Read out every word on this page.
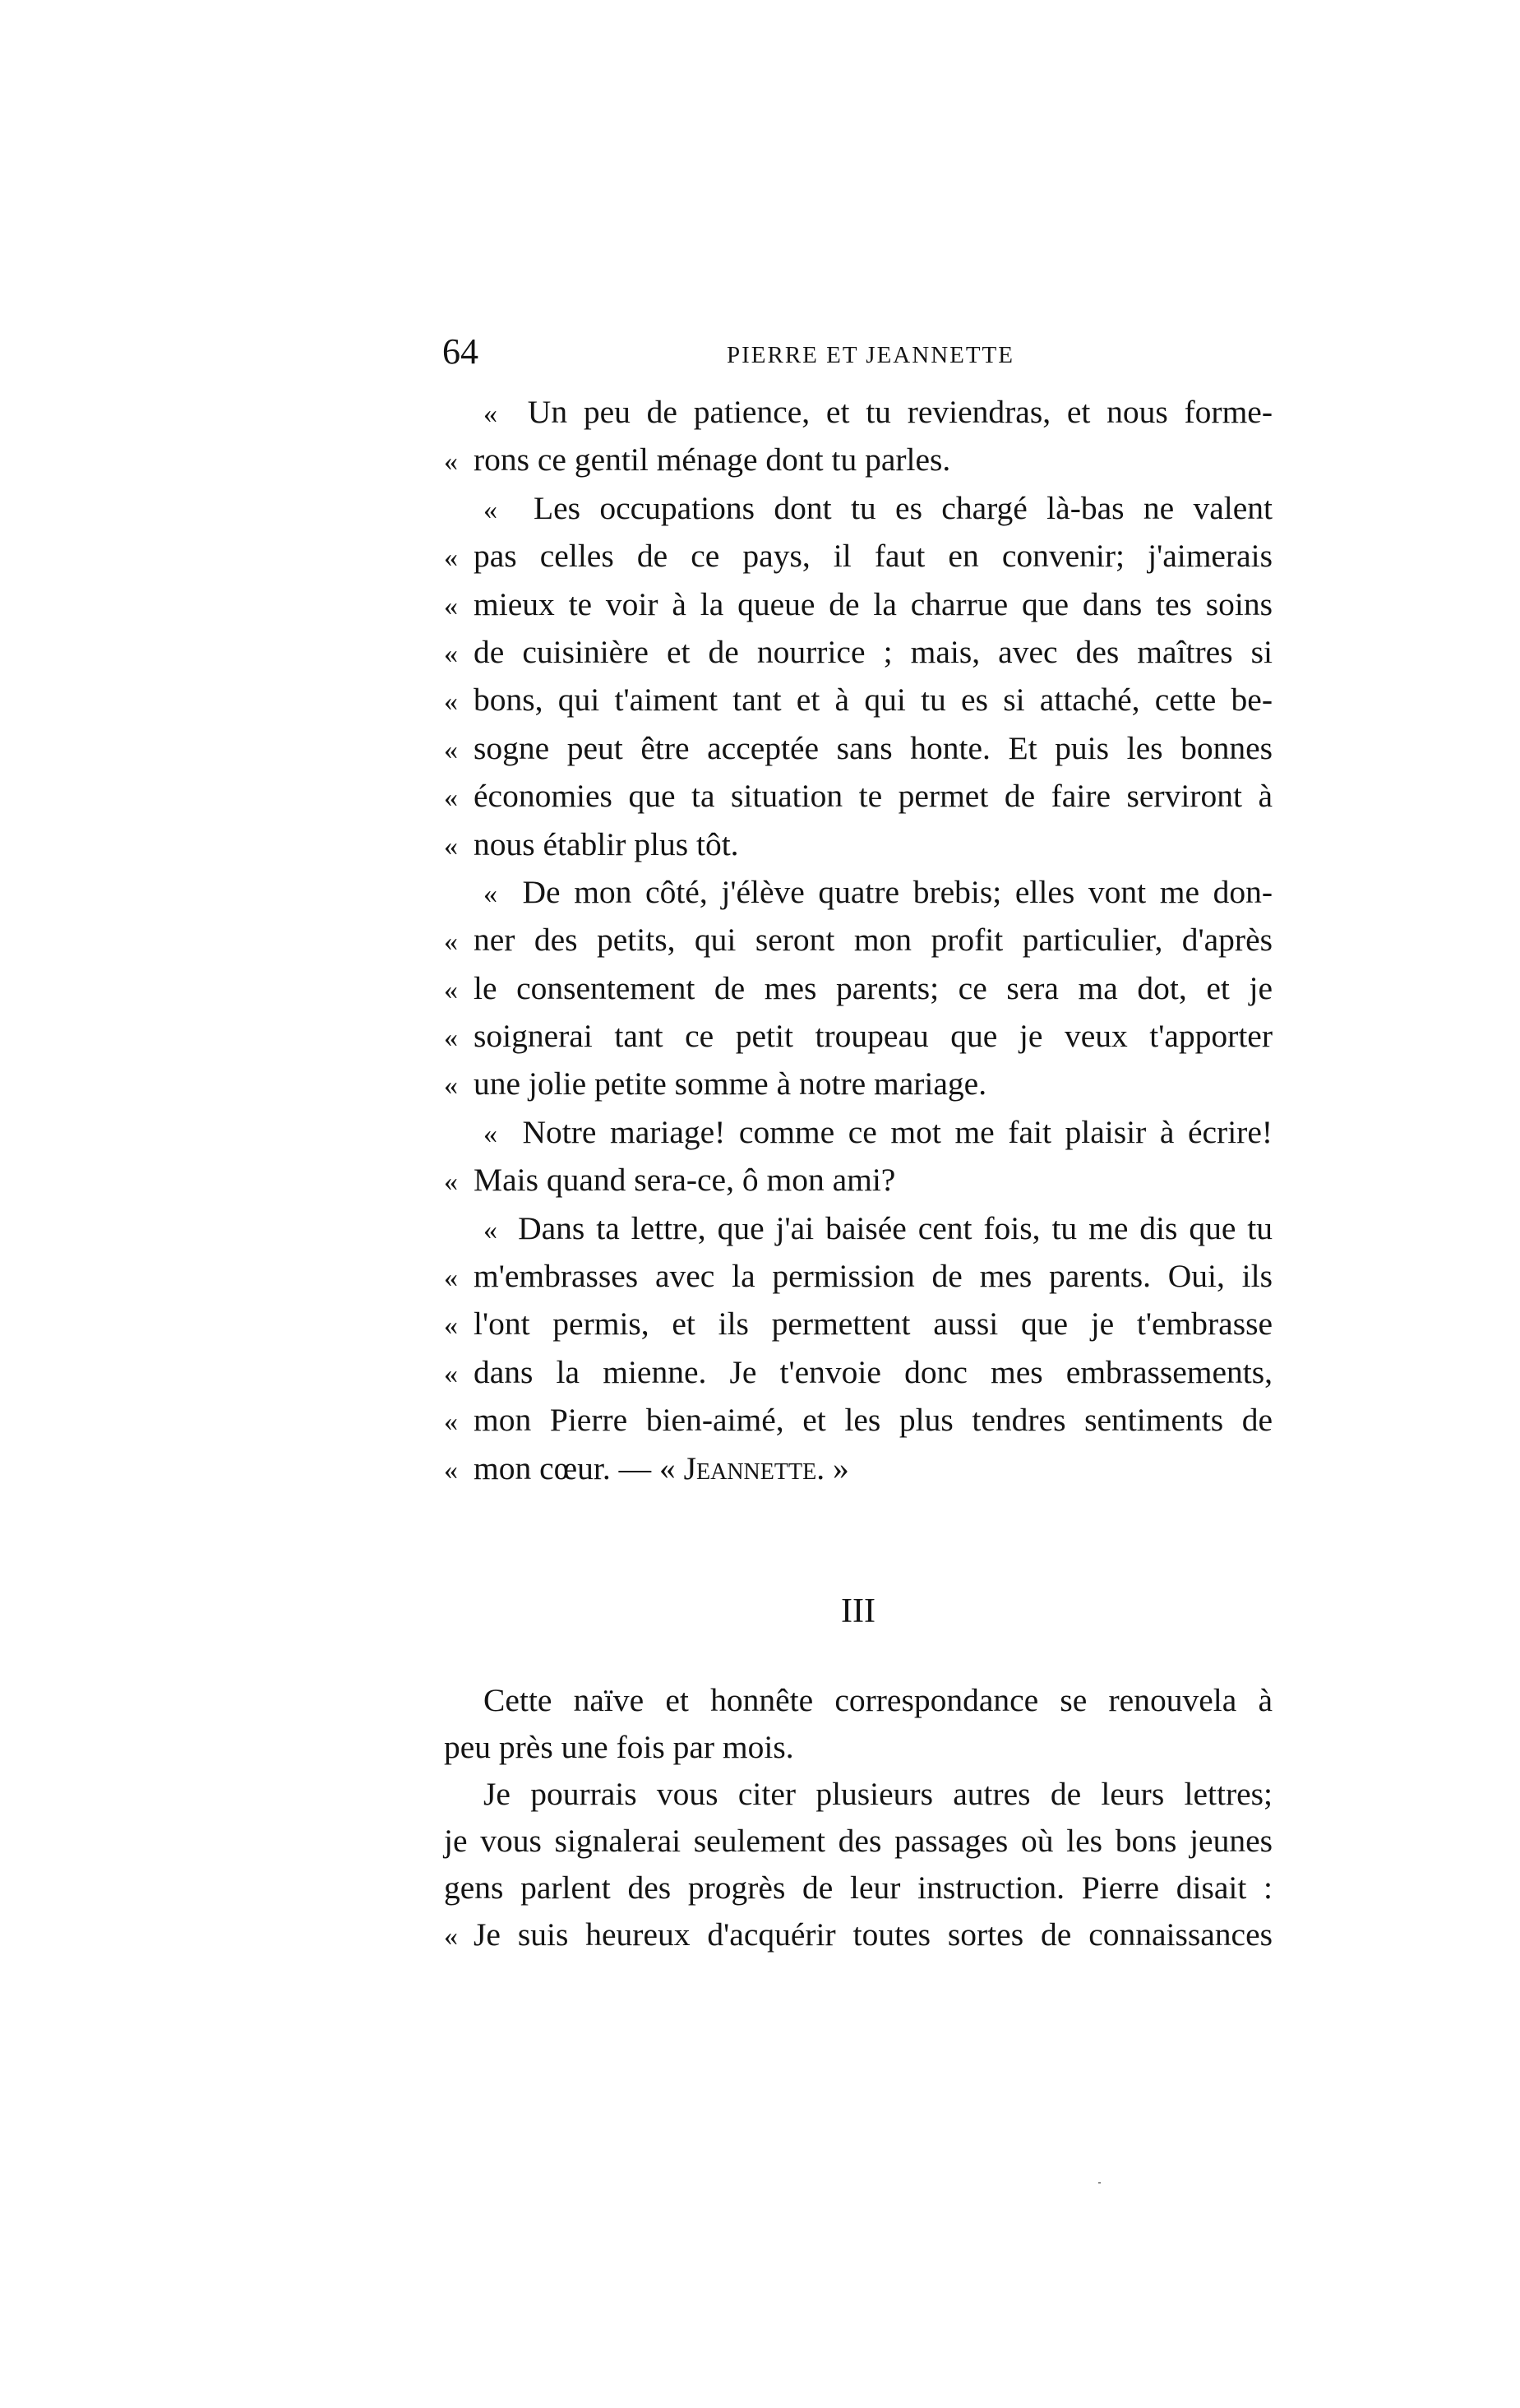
64	PIERRE ET JEANNETTE
«  Un peu de patience, et tu reviendras, et nous forme-
« rons ce gentil ménage dont tu parles.
«  Les occupations dont tu es chargé là-bas ne valent
« pas celles de ce pays, il faut en convenir; j'aimerais
« mieux te voir à la queue de la charrue que dans tes soins
« de cuisinière et de nourrice ; mais, avec des maîtres si
« bons, qui t'aiment tant et à qui tu es si attaché, cette be-
« sogne peut être acceptée sans honte. Et puis les bonnes
« économies que ta situation te permet de faire serviront à
« nous établir plus tôt.
«  De mon côté, j'élève quatre brebis; elles vont me don-
« ner des petits, qui seront mon profit particulier, d'après
« le consentement de mes parents; ce sera ma dot, et je
« soignerai tant ce petit troupeau que je veux t'apporter
« une jolie petite somme à notre mariage.
«  Notre mariage! comme ce mot me fait plaisir à écrire!
« Mais quand sera-ce, ô mon ami?
«  Dans ta lettre, que j'ai baisée cent fois, tu me dis que tu
« m'embrasses avec la permission de mes parents. Oui, ils
« l'ont permis, et ils permettent aussi que je t'embrasse
« dans la mienne. Je t'envoie donc mes embrassements,
« mon Pierre bien-aimé, et les plus tendres sentiments de
« mon cœur. — « Jeannette. »
III
Cette naïve et honnête correspondance se renouvela à
peu près une fois par mois.
Je pourrais vous citer plusieurs autres de leurs lettres;
je vous signalerai seulement des passages où les bons jeunes
gens parlent des progrès de leur instruction. Pierre disait :
« Je suis heureux d'acquérir toutes sortes de connaissances
